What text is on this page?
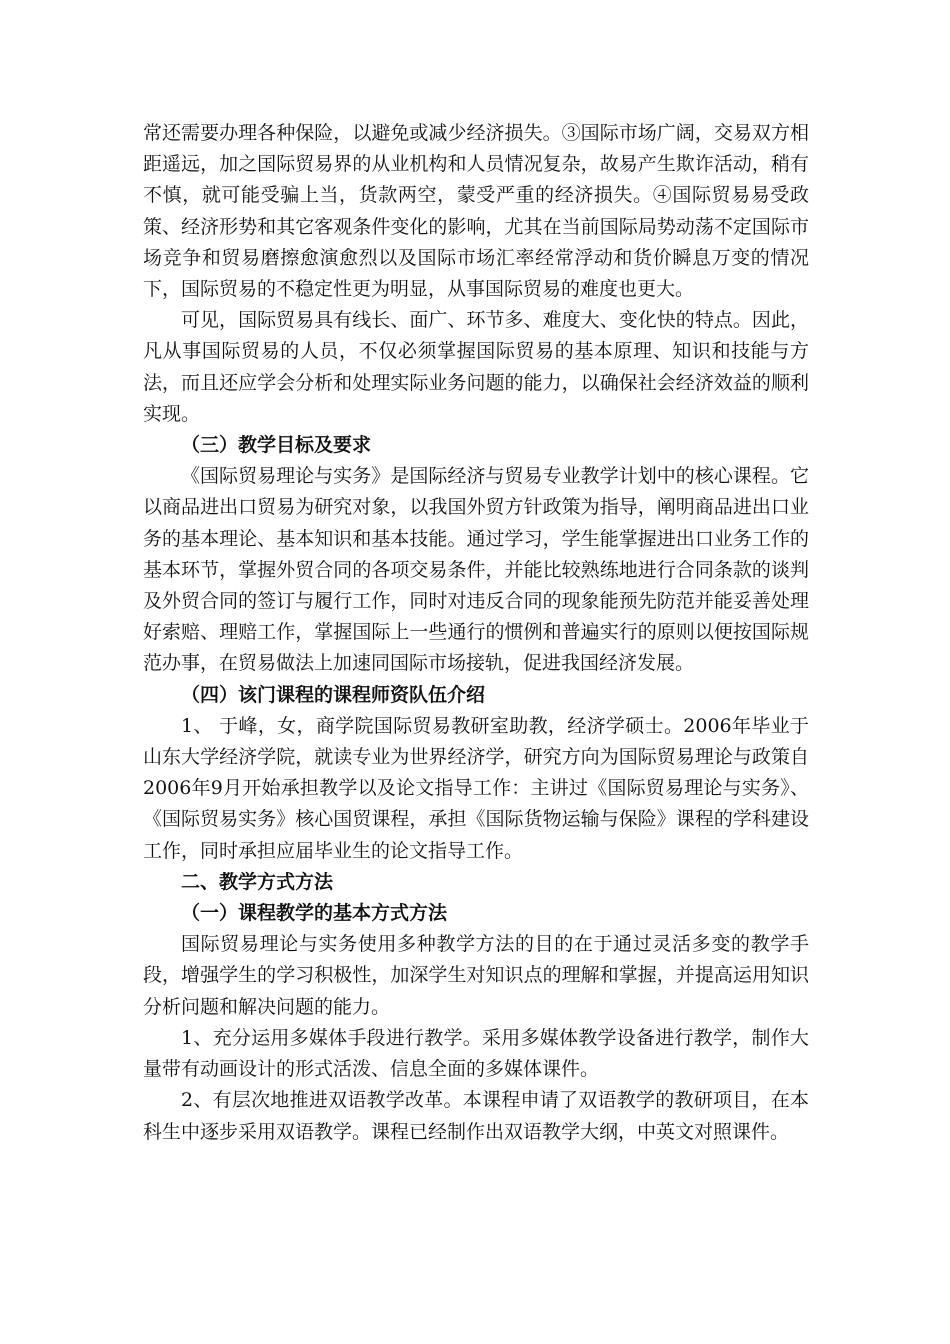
常还需要办理各种保险，以避免或减少经济损失。③国际市场广阔，交易双方相距遥远，加之国际贸易界的从业机构和人员情况复杂，故易产生欺诈活动，稍有不慎，就可能受骗上当，货款两空，蒙受严重的经济损失。④国际贸易易受政策、经济形势和其它客观条件变化的影响，尤其在当前国际局势动荡不定国际市场竞争和贸易磨擦愈演愈烈以及国际市场汇率经常浮动和货价瞬息万变的情况下，国际贸易的不稳定性更为明显，从事国际贸易的难度也更大。

可见，国际贸易具有线长、面广、环节多、难度大、变化快的特点。因此，凡从事国际贸易的人员，不仅必须掌握国际贸易的基本原理、知识和技能与方法，而且还应学会分析和处理实际业务问题的能力，以确保社会经济效益的顺利实现。

（三）教学目标及要求

《国际贸易理论与实务》是国际经济与贸易专业教学计划中的核心课程。它以商品进出口贸易为研究对象，以我国外贸方针政策为指导，阐明商品进出口业务的基本理论、基本知识和基本技能。通过学习，学生能掌握进出口业务工作的基本环节，掌握外贸合同的各项交易条件，并能比较熟练地进行合同条款的谈判及外贸合同的签订与履行工作，同时对违反合同的现象能预先防范并能妥善处理好索赔、理赔工作，掌握国际上一些通行的惯例和普遍实行的原则以便按国际规范办事，在贸易做法上加速同国际市场接轨，促进我国经济发展。

（四）该门课程的课程师资队伍介绍

1、 于峰，女，商学院国际贸易教研室助教，经济学硕士。2006年毕业于山东大学经济学院，就读专业为世界经济学，研究方向为国际贸易理论与政策自2006年9月开始承担教学以及论文指导工作：主讲过《国际贸易理论与实务》、《国际贸易实务》核心国贸课程，承担《国际货物运输与保险》课程的学科建设工作，同时承担应届毕业生的论文指导工作。

二、教学方式方法

（一）课程教学的基本方式方法

国际贸易理论与实务使用多种教学方法的目的在于通过灵活多变的教学手段，增强学生的学习积极性，加深学生对知识点的理解和掌握，并提高运用知识分析问题和解决问题的能力。

1、充分运用多媒体手段进行教学。采用多媒体教学设备进行教学，制作大量带有动画设计的形式活泼、信息全面的多媒体课件。

2、有层次地推进双语教学改革。本课程申请了双语教学的教研项目，在本科生中逐步采用双语教学。课程已经制作出双语教学大纲，中英文对照课件。
